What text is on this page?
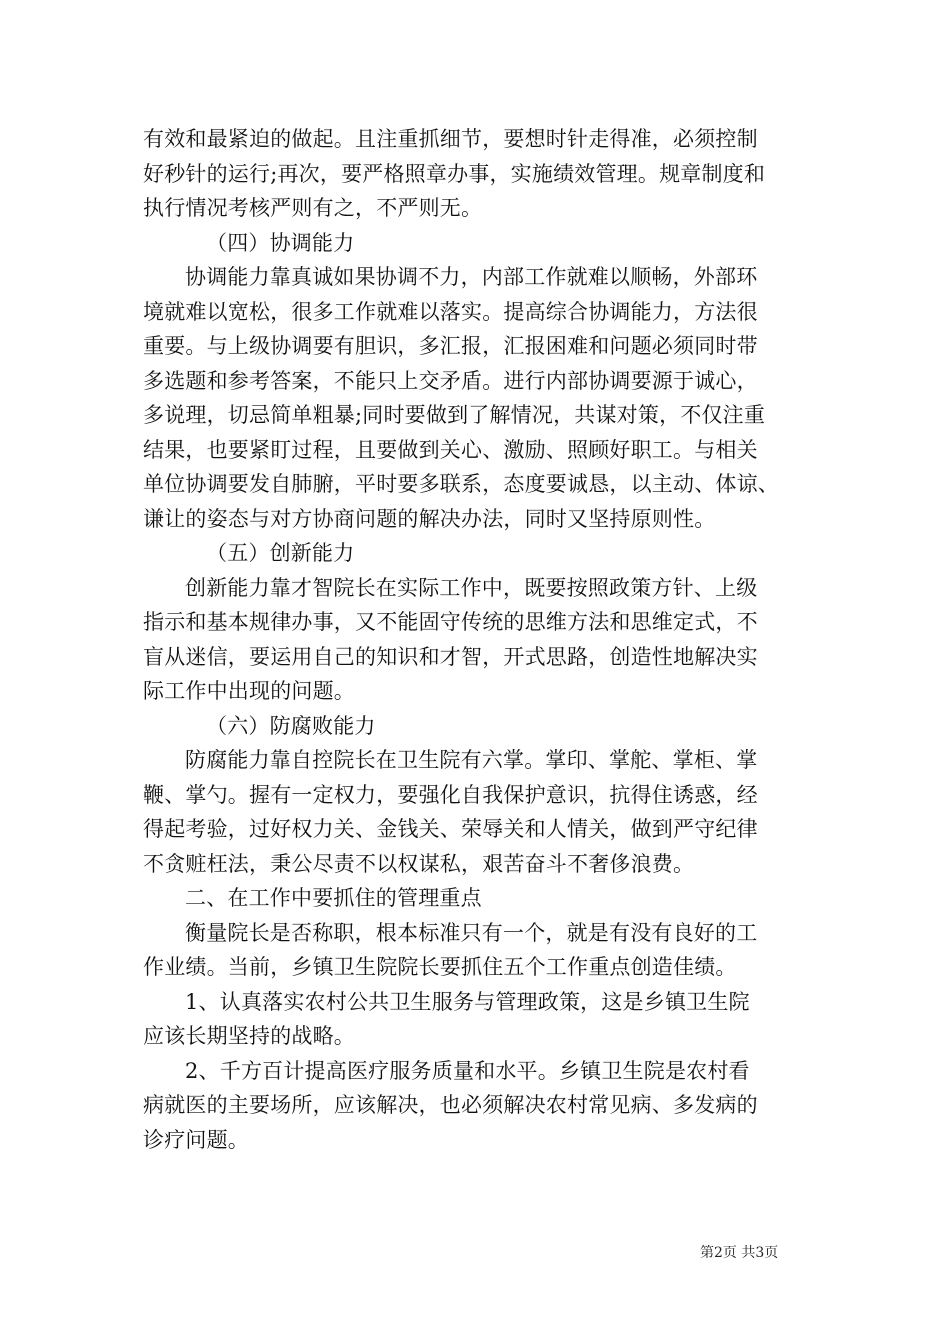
有效和最紧迫的做起。且注重抓细节，要想时针走得准，必须控制
好秒针的运行;再次，要严格照章办事，实施绩效管理。规章制度和
执行情况考核严则有之，不严则无。
（四）协调能力
协调能力靠真诚如果协调不力，内部工作就难以顺畅，外部环
境就难以宽松，很多工作就难以落实。提高综合协调能力，方法很
重要。与上级协调要有胆识，多汇报，汇报困难和问题必须同时带
多选题和参考答案，不能只上交矛盾。进行内部协调要源于诚心，
多说理，切忌简单粗暴;同时要做到了解情况，共谋对策，不仅注重
结果，也要紧盯过程，且要做到关心、激励、照顾好职工。与相关
单位协调要发自肺腑，平时要多联系，态度要诚恳，以主动、体谅、
谦让的姿态与对方协商问题的解决办法，同时又坚持原则性。
（五）创新能力
创新能力靠才智院长在实际工作中，既要按照政策方针、上级
指示和基本规律办事，又不能固守传统的思维方法和思维定式，不
盲从迷信，要运用自己的知识和才智，开式思路，创造性地解决实
际工作中出现的问题。
（六）防腐败能力
防腐能力靠自控院长在卫生院有六掌。掌印、掌舵、掌柜、掌
鞭、掌勺。握有一定权力，要强化自我保护意识，抗得住诱惑，经
得起考验，过好权力关、金钱关、荣辱关和人情关，做到严守纪律
不贪赃枉法，秉公尽责不以权谋私，艰苦奋斗不奢侈浪费。
二、在工作中要抓住的管理重点
衡量院长是否称职，根本标准只有一个，就是有没有良好的工
作业绩。当前，乡镇卫生院院长要抓住五个工作重点创造佳绩。
1、认真落实农村公共卫生服务与管理政策，这是乡镇卫生院
应该长期坚持的战略。
2、千方百计提高医疗服务质量和水平。乡镇卫生院是农村看
病就医的主要场所，应该解决，也必须解决农村常见病、多发病的
诊疗问题。
第2页 共3页
